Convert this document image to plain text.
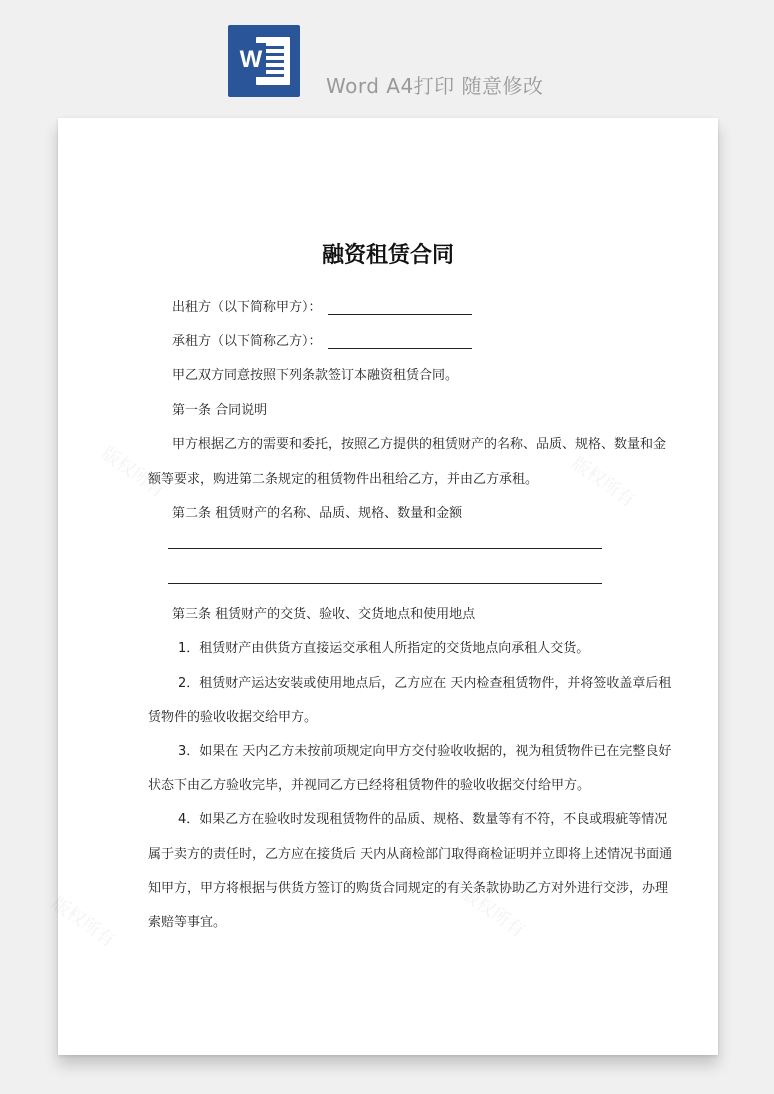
W
Word A4打印 随意修改
版权所有	版权所有
版权所有	版权所有
融资租赁合同
出租方（以下简称甲方）：
承租方（以下简称乙方）：
甲乙双方同意按照下列条款签订本融资租赁合同。
第一条 合同说明
甲方根据乙方的需要和委托，按照乙方提供的租赁财产的名称、品质、规格、数量和金
额等要求，购进第二条规定的租赁物件出租给乙方，并由乙方承租。
第二条 租赁财产的名称、品质、规格、数量和金额
第三条 租赁财产的交货、验收、交货地点和使用地点
1．租赁财产由供货方直接运交承租人所指定的交货地点向承租人交货。
2．租赁财产运达安装或使用地点后，乙方应在 天内检查租赁物件，并将签收盖章后租
赁物件的验收收据交给甲方。
3．如果在 天内乙方未按前项规定向甲方交付验收收据的，视为租赁物件已在完整良好
状态下由乙方验收完毕，并视同乙方已经将租赁物件的验收收据交付给甲方。
4．如果乙方在验收时发现租赁物件的品质、规格、数量等有不符，不良或瑕疵等情况
属于卖方的责任时，乙方应在接货后 天内从商检部门取得商检证明并立即将上述情况书面通
知甲方，甲方将根据与供货方签订的购货合同规定的有关条款协助乙方对外进行交涉，办理
索赔等事宜。
